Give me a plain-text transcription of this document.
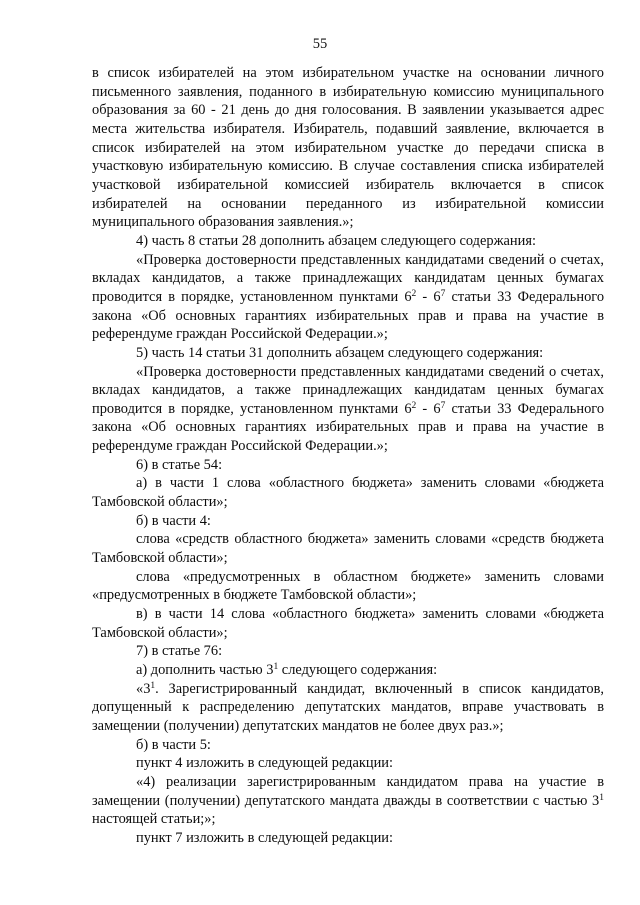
55

в список избирателей на этом избирательном участке на основании личного письменного заявления, поданного в избирательную комиссию муниципального образования за 60 - 21 день до дня голосования. В заявлении указывается адрес места жительства избирателя. Избиратель, подавший заявление, включается в список избирателей на этом избирательном участке до передачи списка в участковую избирательную комиссию. В случае составления списка избирателей участковой избирательной комиссией избиратель включается в список избирателей на основании переданного из избирательной комиссии муниципального образования заявления.»;

4) часть 8 статьи 28 дополнить абзацем следующего содержания:

«Проверка достоверности представленных кандидатами сведений о счетах, вкладах кандидатов, а также принадлежащих кандидатам ценных бумагах проводится в порядке, установленном пунктами $6^2 - 6^7$ статьи 33 Федерального закона «Об основных гарантиях избирательных прав и права на участие в референдуме граждан Российской Федерации.»;

5) часть 14 статьи 31 дополнить абзацем следующего содержания:

«Проверка достоверности представленных кандидатами сведений о счетах, вкладах кандидатов, а также принадлежащих кандидатам ценных бумагах проводится в порядке, установленном пунктами $6^2 - 6^7$ статьи 33 Федерального закона «Об основных гарантиях избирательных прав и права на участие в референдуме граждан Российской Федерации.»;

6) в статье 54:

а) в части 1 слова «областного бюджета» заменить словами «бюджета Тамбовской области»;

б) в части 4:

слова «средств областного бюджета» заменить словами «средств бюджета Тамбовской области»;

слова «предусмотренных в областном бюджете» заменить словами «предусмотренных в бюджете Тамбовской области»;

в) в части 14 слова «областного бюджета» заменить словами «бюджета Тамбовской области»;

7) в статье 76:

а) дополнить частью $3^1$ следующего содержания:

«$3^1$. Зарегистрированный кандидат, включенный в список кандидатов, допущенный к распределению депутатских мандатов, вправе участвовать в замещении (получении) депутатских мандатов не более двух раз.»;

б) в части 5:

пункт 4 изложить в следующей редакции:

«4) реализации зарегистрированным кандидатом права на участие в замещении (получении) депутатского мандата дважды в соответствии с частью $3^1$ настоящей статьи;»;

пункт 7 изложить в следующей редакции:
